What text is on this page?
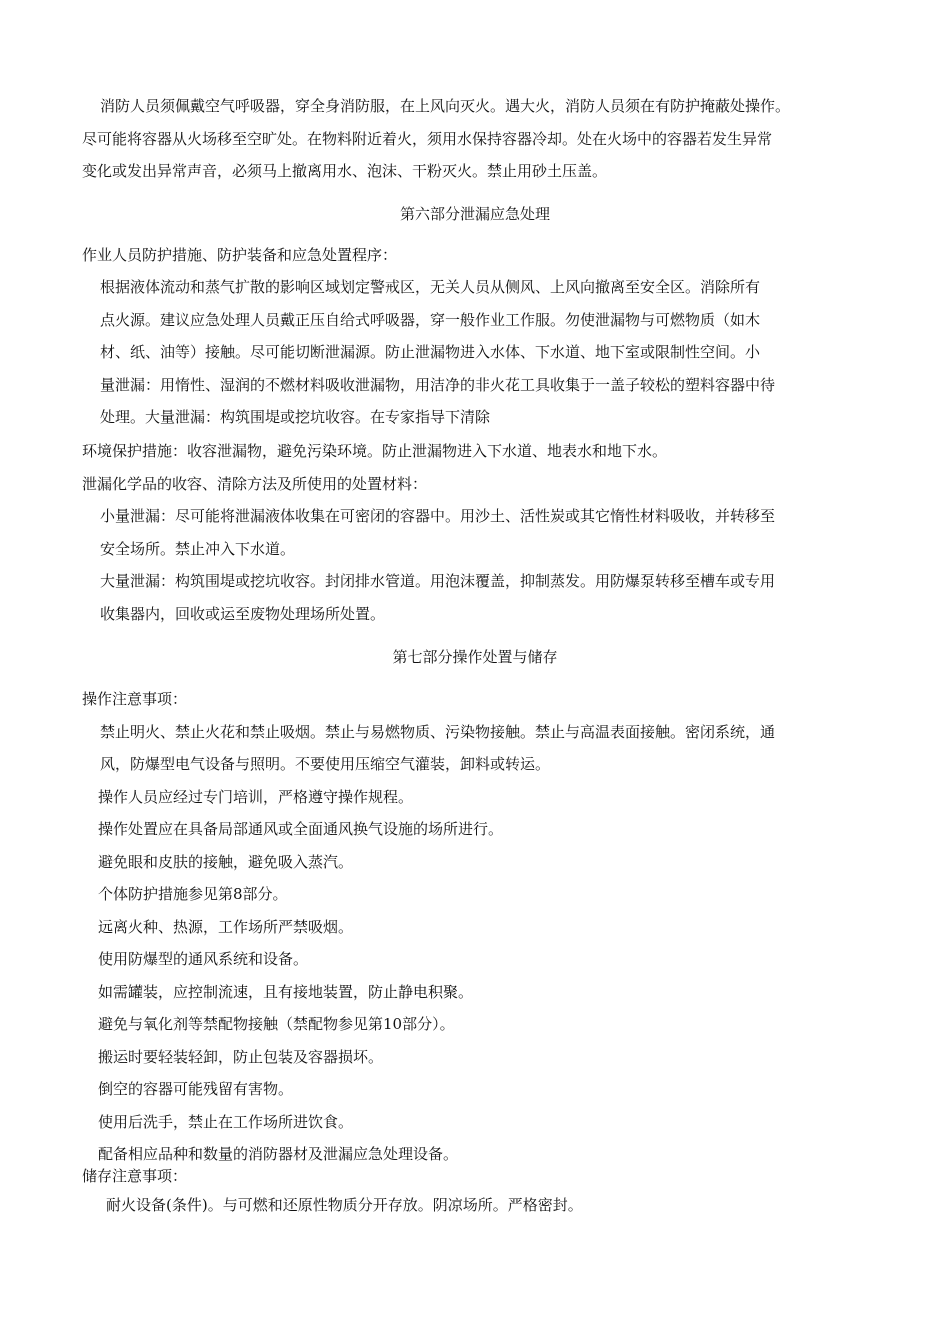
消防人员须佩戴空气呼吸器，穿全身消防服，在上风向灭火。遇大火，消防人员须在有防护掩蔽处操作。
尽可能将容器从火场移至空旷处。在物料附近着火，须用水保持容器冷却。处在火场中的容器若发生异常
变化或发出异常声音，必须马上撤离用水、泡沫、干粉灭火。禁止用砂土压盖。
第六部分泄漏应急处理
作业人员防护措施、防护装备和应急处置程序：
根据液体流动和蒸气扩散的影响区域划定警戒区，无关人员从侧风、上风向撤离至安全区。消除所有
点火源。建议应急处理人员戴正压自给式呼吸器，穿一般作业工作服。勿使泄漏物与可燃物质（如木
材、纸、油等）接触。尽可能切断泄漏源。防止泄漏物进入水体、下水道、地下室或限制性空间。小
量泄漏：用惰性、湿润的不燃材料吸收泄漏物，用洁净的非火花工具收集于一盖子较松的塑料容器中待
处理。大量泄漏：构筑围堤或挖坑收容。在专家指导下清除
环境保护措施：收容泄漏物，避免污染环境。防止泄漏物进入下水道、地表水和地下水。
泄漏化学品的收容、清除方法及所使用的处置材料：
小量泄漏：尽可能将泄漏液体收集在可密闭的容器中。用沙土、活性炭或其它惰性材料吸收，并转移至
安全场所。禁止冲入下水道。
大量泄漏：构筑围堤或挖坑收容。封闭排水管道。用泡沫覆盖，抑制蒸发。用防爆泵转移至槽车或专用
收集器内，回收或运至废物处理场所处置。
第七部分操作处置与储存
操作注意事项：
禁止明火、禁止火花和禁止吸烟。禁止与易燃物质、污染物接触。禁止与高温表面接触。密闭系统，通
风，防爆型电气设备与照明。不要使用压缩空气灌装，卸料或转运。
操作人员应经过专门培训，严格遵守操作规程。
操作处置应在具备局部通风或全面通风换气设施的场所进行。
避免眼和皮肤的接触，避免吸入蒸汽。
个体防护措施参见第8部分。
远离火种、热源，工作场所严禁吸烟。
使用防爆型的通风系统和设备。
如需罐装，应控制流速，且有接地装置，防止静电积聚。
避免与氧化剂等禁配物接触（禁配物参见第10部分）。
搬运时要轻装轻卸，防止包装及容器损坏。
倒空的容器可能残留有害物。
使用后洗手，禁止在工作场所进饮食。
配备相应品种和数量的消防器材及泄漏应急处理设备。
储存注意事项：
耐火设备(条件)。与可燃和还原性物质分开存放。阴凉场所。严格密封。
